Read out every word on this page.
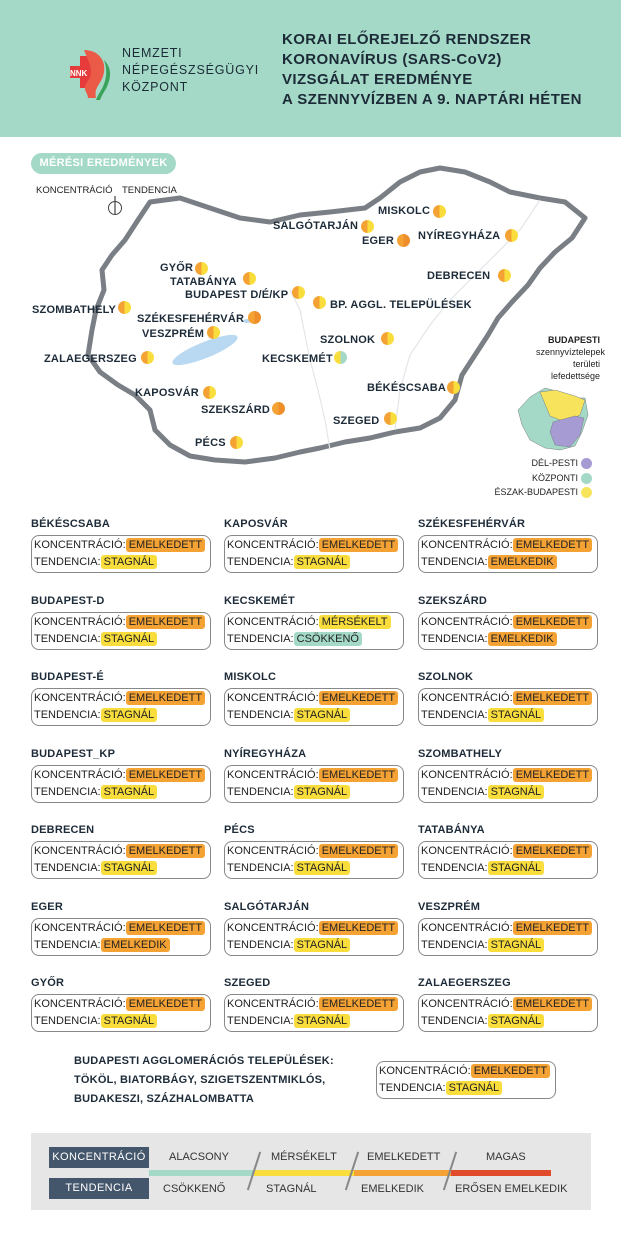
NNK
NEMZETI
NÉPEGÉSZSÉGÜGYI
KÖZPONT
KORAI ELŐREJELZŐ RENDSZER
KORONAVÍRUS (SARS-CoV2)
VIZSGÁLAT EREDMÉNYE
A SZENNYVÍZBEN A 9. NAPTÁRI HÉTEN
MÉRÉSI EREDMÉNYEK
KONCENTRÁCIÓ TENDENCIA
MISKOLC
SALGÓTARJÁN
EGER NYÍREGYHÁZA
GYŐR
TATABÁNYA
BUDAPEST D/É/KP
BP. AGGL. TELEPÜLÉSEK
DEBRECEN
SZOMBATHELY
SZÉKESFEHÉRVÁR
VESZPRÉM	SZOLNOK
KECSKEMÉT
ZALAEGERSZEG
KAPOSVÁR	BÉKÉSCSABA
SZEKSZÁRD
SZEGED
PÉCS
BUDAPESTI
szennyvíztelepek
területi
lefedettsége
DÉL-PESTI
KÖZPONTI
ÉSZAK-BUDAPESTI
BÉKÉSCSABA
KONCENTRÁCIÓ: EMELKEDETT
TENDENCIA: STAGNÁL
KAPOSVÁR
KONCENTRÁCIÓ: EMELKEDETT
TENDENCIA: STAGNÁL
SZÉKESFEHÉRVÁR
KONCENTRÁCIÓ: EMELKEDETT
TENDENCIA: EMELKEDIK
BUDAPEST-D
KONCENTRÁCIÓ: EMELKEDETT
TENDENCIA: STAGNÁL
KECSKEMÉT
KONCENTRÁCIÓ: MÉRSÉKELT
TENDENCIA: CSÖKKENŐ
SZEKSZÁRD
KONCENTRÁCIÓ: EMELKEDETT
TENDENCIA: EMELKEDIK
BUDAPEST-É
KONCENTRÁCIÓ: EMELKEDETT
TENDENCIA: STAGNÁL
MISKOLC
KONCENTRÁCIÓ: EMELKEDETT
TENDENCIA: STAGNÁL
SZOLNOK
KONCENTRÁCIÓ: EMELKEDETT
TENDENCIA: STAGNÁL
BUDAPEST_KP
KONCENTRÁCIÓ: EMELKEDETT
TENDENCIA: STAGNÁL
NYÍREGYHÁZA
KONCENTRÁCIÓ: EMELKEDETT
TENDENCIA: STAGNÁL
SZOMBATHELY
KONCENTRÁCIÓ: EMELKEDETT
TENDENCIA: STAGNÁL
DEBRECEN
KONCENTRÁCIÓ: EMELKEDETT
TENDENCIA: STAGNÁL
PÉCS
KONCENTRÁCIÓ: EMELKEDETT
TENDENCIA: STAGNÁL
TATABÁNYA
KONCENTRÁCIÓ: EMELKEDETT
TENDENCIA: STAGNÁL
EGER
KONCENTRÁCIÓ: EMELKEDETT
TENDENCIA: EMELKEDIK
SALGÓTARJÁN
KONCENTRÁCIÓ: EMELKEDETT
TENDENCIA: STAGNÁL
VESZPRÉM
KONCENTRÁCIÓ: EMELKEDETT
TENDENCIA: STAGNÁL
GYŐR
KONCENTRÁCIÓ: EMELKEDETT
TENDENCIA: STAGNÁL
SZEGED
KONCENTRÁCIÓ: EMELKEDETT
TENDENCIA: STAGNÁL
ZALAEGERSZEG
KONCENTRÁCIÓ: EMELKEDETT
TENDENCIA: STAGNÁL
BUDAPESTI AGGLOMERÁCIÓS TELEPÜLÉSEK:
TÖKÖL, BIATORBÁGY, SZIGETSZENTMIKLÓS,
BUDAKESZI, SZÁZHALOMBATTA
KONCENTRÁCIÓ: EMELKEDETT
TENDENCIA: STAGNÁL
KONCENTRÁCIÓ
TENDENCIA
ALACSONY	MÉRSÉKELT	EMELKEDETT	MAGAS
CSÖKKENŐ	STAGNÁL	EMELKEDIK	ERŐSEN EMELKEDIK
